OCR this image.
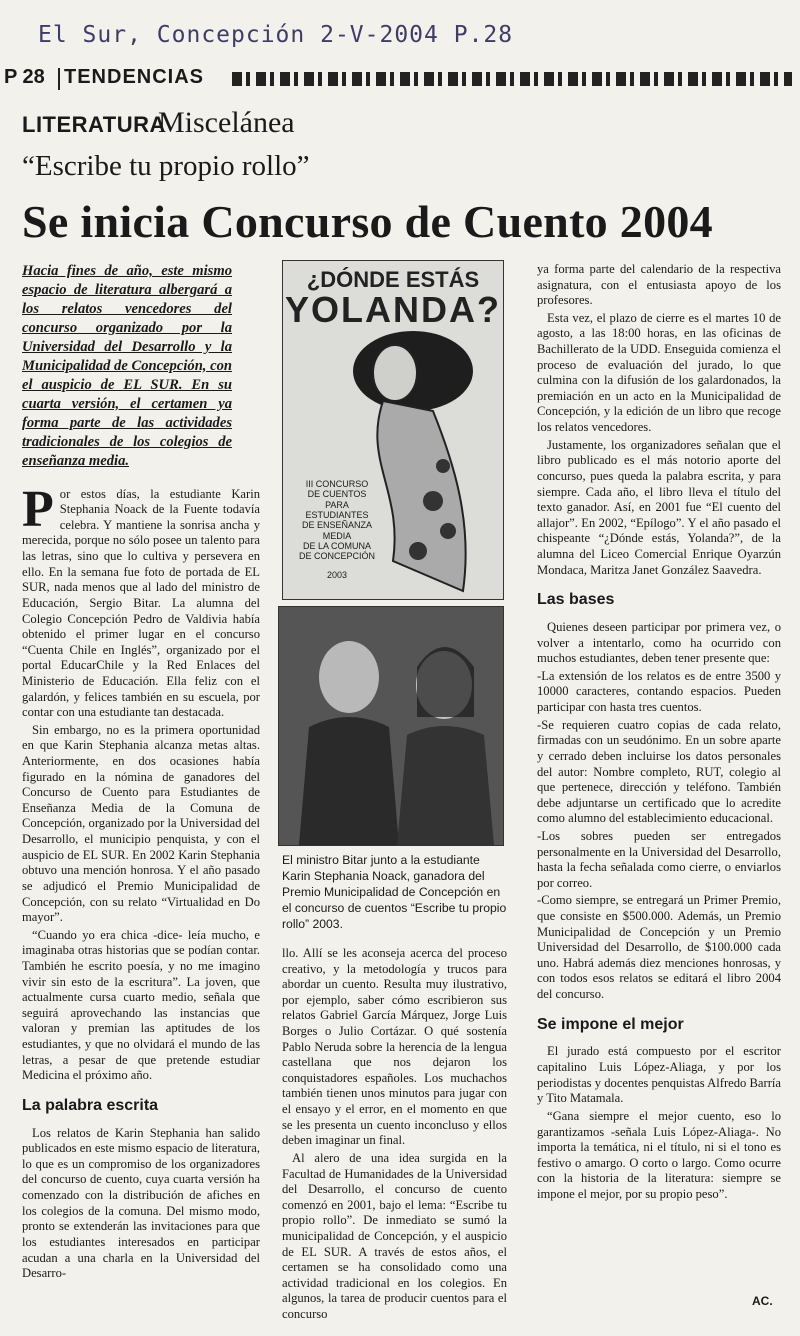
El Sur, Concepción 2-V-2004 P.28
P 28 TENDENCIAS
LITERATURA
Miscelánea
“Escribe tu propio rollo”
Se inicia Concurso de Cuento 2004
Hacia fines de año, este mismo espacio de literatura albergará a los relatos vencedores del concurso organizado por la Universidad del Desarrollo y la Municipalidad de Concepción, con el auspicio de EL SUR. En su cuarta versión, el certamen ya forma parte de las actividades tradicionales de los colegios de enseñanza media.
P or estos días, la estudiante Karin Stephania Noack de la Fuente todavía celebra. Y mantiene la sonrisa ancha y merecida, porque no sólo posee un talento para las letras, sino que lo cultiva y persevera en ello. En la semana fue foto de portada de EL SUR, nada menos que al lado del ministro de Educación, Sergio Bitar. La alumna del Colegio Concepción Pedro de Valdivia había obtenido el primer lugar en el concurso “Cuenta Chile en Inglés”, organizado por el portal EducarChile y la Red Enlaces del Ministerio de Educación. Ella feliz con el galardón, y felices también en su escuela, por contar con una estudiante tan destacada.

Sin embargo, no es la primera oportunidad en que Karin Stephania alcanza metas altas. Anteriormente, en dos ocasiones había figurado en la nómina de ganadores del Concurso de Cuento para Estudiantes de Enseñanza Media de la Comuna de Concepción, organizado por la Universidad del Desarrollo, el municipio penquista, y con el auspicio de EL SUR. En 2002 Karin Stephania obtuvo una mención honrosa. Y el año pasado se adjudicó el Premio Municipalidad de Concepción, con su relato “Virtualidad en Do mayor”.

“Cuando yo era chica -dice- leía mucho, e imaginaba otras historias que se podían contar. También he escrito poesía, y no me imagino vivir sin esto de la escritura”. La joven, que actualmente cursa cuarto medio, señala que seguirá aprovechando las instancias que valoran y premian las aptitudes de los estudiantes, y que no olvidará el mundo de las letras, a pesar de que pretende estudiar Medicina el próximo año.

La palabra escrita

Los relatos de Karin Stephania han salido publicados en este mismo espacio de literatura, lo que es un compromiso de los organizadores del concurso de cuento, cuya cuarta versión ha comenzado con la distribución de afiches en los colegios de la comuna. Del mismo modo, pronto se extenderán las invitaciones para que los estudiantes interesados en participar acudan a una charla en la Universidad del Desarro-

¿DÓNDE ESTÁS
YOLANDA?
III CONCURSO
DE CUENTOS
PARA
ESTUDIANTES
DE ENSEÑANZA
MEDIA
DE LA COMUNA
DE CONCEPCIÓN
2003
El ministro Bitar junto a la estudiante Karin Stephania Noack, ganadora del Premio Municipalidad de Concepción en el concurso de cuentos “Escribe tu propio rollo” 2003.

llo. Allí se les aconseja acerca del proceso creativo, y la metodología y trucos para abordar un cuento. Resulta muy ilustrativo, por ejemplo, saber cómo escribieron sus relatos Gabriel García Márquez, Jorge Luis Borges o Julio Cortázar. O qué sostenía Pablo Neruda sobre la herencia de la lengua castellana que nos dejaron los conquistadores españoles. Los muchachos también tienen unos minutos para jugar con el ensayo y el error, en el momento en que se les presenta un cuento inconcluso y ellos deben imaginar un final.

Al alero de una idea surgida en la Facultad de Humanidades de la Universidad del Desarrollo, el concurso de cuento comenzó en 2001, bajo el lema: “Escribe tu propio rollo”. De inmediato se sumó la municipalidad de Concepción, y el auspicio de EL SUR. A través de estos años, el certamen se ha consolidado como una actividad tradicional en los colegios. En algunos, la tarea de producir cuentos para el concurso

ya forma parte del calendario de la respectiva asignatura, con el entusiasta apoyo de los profesores.

Esta vez, el plazo de cierre es el martes 10 de agosto, a las 18:00 horas, en las oficinas de Bachillerato de la UDD. Enseguida comienza el proceso de evaluación del jurado, lo que culmina con la difusión de los galardonados, la premiación en un acto en la Municipalidad de Concepción, y la edición de un libro que recoge los relatos vencedores.

Justamente, los organizadores señalan que el libro publicado es el más notorio aporte del concurso, pues queda la palabra escrita, y para siempre. Cada año, el libro lleva el título del texto ganador. Así, en 2001 fue “El cuento del allajor”. En 2002, “Epílogo”. Y el año pasado el chispeante “¿Dónde estás, Yolanda?”, de la alumna del Liceo Comercial Enrique Oyarzún Mondaca, Maritza Janet González Saavedra.

Las bases

Quienes deseen participar por primera vez, o volver a intentarlo, como ha ocurrido con muchos estudiantes, deben tener presente que:

-La extensión de los relatos es de entre 3500 y 10000 caracteres, contando espacios. Pueden participar con hasta tres cuentos.

-Se requieren cuatro copias de cada relato, firmadas con un seudónimo. En un sobre aparte y cerrado deben incluirse los datos personales del autor: Nombre completo, RUT, colegio al que pertenece, dirección y teléfono. También debe adjuntarse un certificado que lo acredite como alumno del establecimiento educacional.

-Los sobres pueden ser entregados personalmente en la Universidad del Desarrollo, hasta la fecha señalada como cierre, o enviarlos por correo.

-Como siempre, se entregará un Primer Premio, que consiste en $500.000. Además, un Premio Municipalidad de Concepción y un Premio Universidad del Desarrollo, de $100.000 cada uno. Habrá además diez menciones honrosas, y con todos esos relatos se editará el libro 2004 del concurso.

Se impone el mejor

El jurado está compuesto por el escritor capitalino Luis López-Aliaga, y por los periodistas y docentes penquistas Alfredo Barría y Tito Matamala.

“Gana siempre el mejor cuento, eso lo garantizamos -señala Luis López-Aliaga-. No importa la temática, ni el título, ni si el tono es festivo o amargo. O corto o largo. Como ocurre con la historia de la literatura: siempre se impone el mejor, por su propio peso”.

AC.
